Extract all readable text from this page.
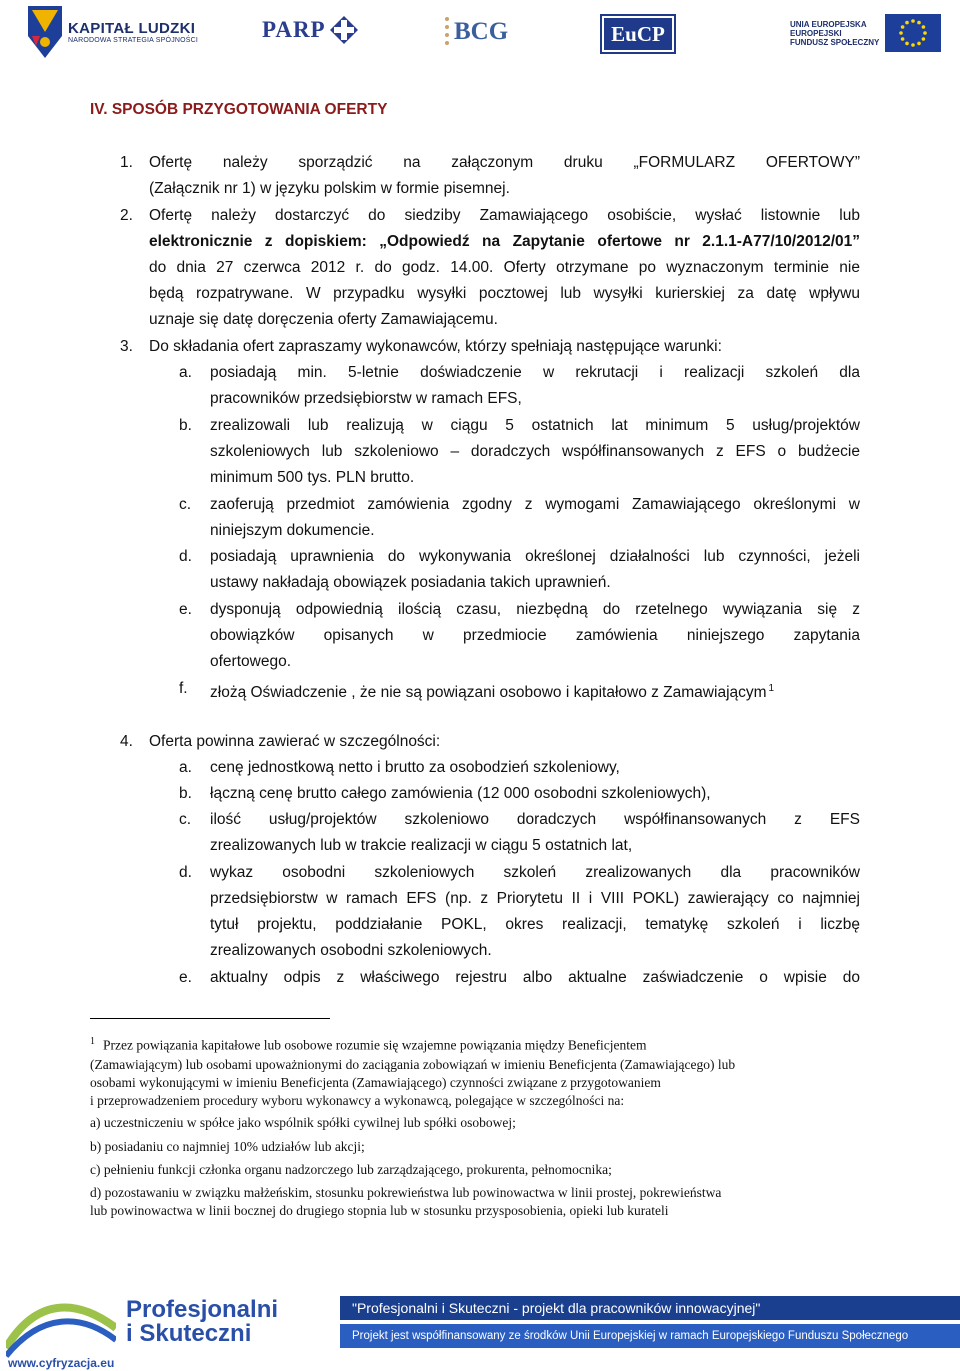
KAPITAŁ LUDZKI
NARODOWA STRATEGIA SPÓJNOŚCI	PARP	BCG	EuCP	UNIA EUROPEJSKA
EUROPEJSKI
FUNDUSZ SPOŁECZNY
IV. SPOSÓB PRZYGOTOWANIA OFERTY
1. Ofertę należy sporządzić na załączonym druku „FORMULARZ OFERTOWY”
(Załącznik nr 1) w języku polskim w formie pisemnej.
2. Ofertę należy dostarczyć do siedziby Zamawiającego osobiście, wysłać listownie lub
elektronicznie z dopiskiem: „Odpowiedź na Zapytanie ofertowe nr 2.1.1-A77/10/2012/01”
do dnia 27 czerwca 2012 r. do godz. 14.00. Oferty otrzymane po wyznaczonym terminie nie
będą rozpatrywane. W przypadku wysyłki pocztowej lub wysyłki kurierskiej za datę wpływu
uznaje się datę doręczenia oferty Zamawiającemu.
3. Do składania ofert zapraszamy wykonawców, którzy spełniają następujące warunki:
a. posiadają min. 5-letnie doświadczenie w rekrutacji i realizacji szkoleń dla
pracowników przedsiębiorstw w ramach EFS,
b. zrealizowali lub realizują w ciągu 5 ostatnich lat minimum 5 usług/projektów
szkoleniowych lub szkoleniowo – doradczych współfinansowanych z EFS o budżecie
minimum 500 tys. PLN brutto.
c. zaoferują przedmiot zamówienia zgodny z wymogami Zamawiającego określonymi w
niniejszym dokumencie.
d. posiadają uprawnienia do wykonywania określonej działalności lub czynności, jeżeli
ustawy nakładają obowiązek posiadania takich uprawnień.
e. dysponują odpowiednią ilością czasu, niezbędną do rzetelnego wywiązania się z
obowiązków opisanych w przedmiocie zamówienia niniejszego zapytania
ofertowego.
f. złożą Oświadczenie , że nie są powiązani osobowo i kapitałowo z Zamawiającym $^1$
4. Oferta powinna zawierać w szczególności:
a. cenę jednostkową netto i brutto za osobodzień szkoleniowy,
b. łączną cenę brutto całego zamówienia (12 000 osobodni szkoleniowych),
c. ilość usług/projektów szkoleniowo doradczych współfinansowanych z EFS
zrealizowanych lub w trakcie realizacji w ciągu 5 ostatnich lat,
d. wykaz osobodni szkoleniowych szkoleń zrealizowanych dla pracowników
przedsiębiorstw w ramach EFS (np. z Priorytetu II i VIII POKL) zawierający co najmniej
tytuł projektu, poddziałanie POKL, okres realizacji, tematykę szkoleń i liczbę
zrealizowanych osobodni szkoleniowych.
e. aktualny odpis z właściwego rejestru albo aktualne zaświadczenie o wpisie do
$^1$ Przez powiązania kapitałowe lub osobowe rozumie się wzajemne powiązania między Beneficjentem
(Zamawiającym) lub osobami upoważnionymi do zaciągania zobowiązań w imieniu Beneficjenta (Zamawiającego) lub
osobami wykonującymi w imieniu Beneficjenta (Zamawiającego) czynności związane z przygotowaniem
i przeprowadzeniem procedury wyboru wykonawcy a wykonawcą, polegające w szczególności na:
a) uczestniczeniu w spółce jako wspólnik spółki cywilnej lub spółki osobowej;
b) posiadaniu co najmniej 10% udziałów lub akcji;
c) pełnieniu funkcji członka organu nadzorczego lub zarządzającego, prokurenta, pełnomocnika;
d) pozostawaniu w związku małżeńskim, stosunku pokrewieństwa lub powinowactwa w linii prostej, pokrewieństwa
lub powinowactwa w linii bocznej do drugiego stopnia lub w stosunku przysposobienia, opieki lub kurateli
Profesjonalni
i Skuteczni
www.cyfryzacja.eu
"Profesjonalni i Skuteczni - projekt dla pracowników innowacyjnej"
Projekt jest współfinansowany ze środków Unii Europejskiej w ramach Europejskiego Funduszu Społecznego
